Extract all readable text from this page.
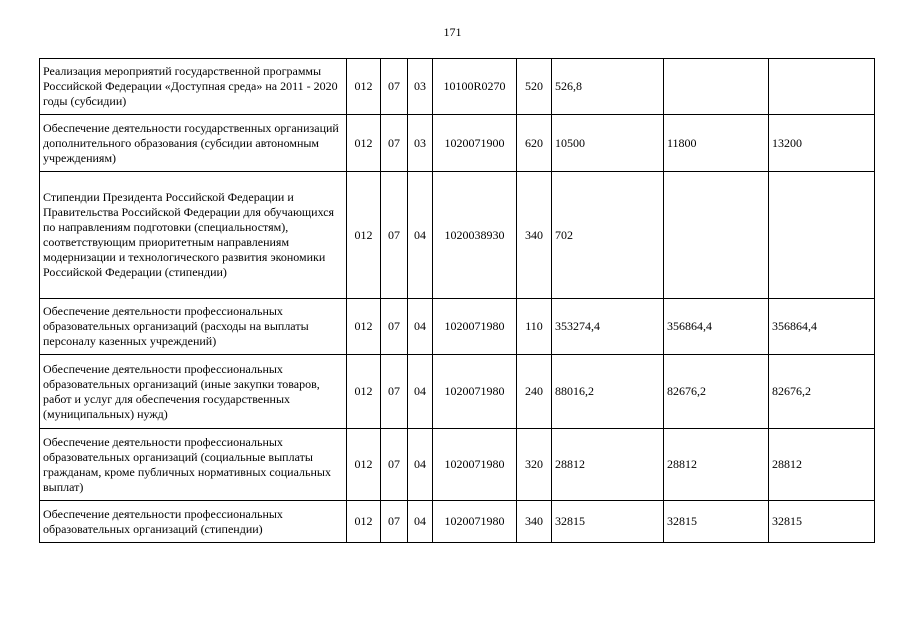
171
Реализация мероприятий государственной программы Российской Федерации «Доступная среда» на 2011 - 2020 годы (субсидии)	012	07	03	10100R0270	520	526,8		
Обеспечение деятельности государственных организаций дополнительного образования (субсидии автономным учреждениям)	012	07	03	1020071900	620	10500	11800	13200
Стипендии Президента Российской Федерации и Правительства Российской Федерации для обучающихся по направлениям подготовки (специальностям), соответствующим приоритетным направлениям модернизации и технологического развития экономики Российской Федерации (стипендии)	012	07	04	1020038930	340	702		
Обеспечение деятельности профессиональных образовательных организаций (расходы на выплаты персоналу казенных учреждений)	012	07	04	1020071980	110	353274,4	356864,4	356864,4
Обеспечение деятельности профессиональных образовательных организаций (иные закупки товаров, работ и услуг для обеспечения государственных (муниципальных) нужд)	012	07	04	1020071980	240	88016,2	82676,2	82676,2
Обеспечение деятельности профессиональных образовательных организаций (социальные выплаты гражданам, кроме публичных нормативных социальных выплат)	012	07	04	1020071980	320	28812	28812	28812
Обеспечение деятельности профессиональных образовательных организаций (стипендии)	012	07	04	1020071980	340	32815	32815	32815
